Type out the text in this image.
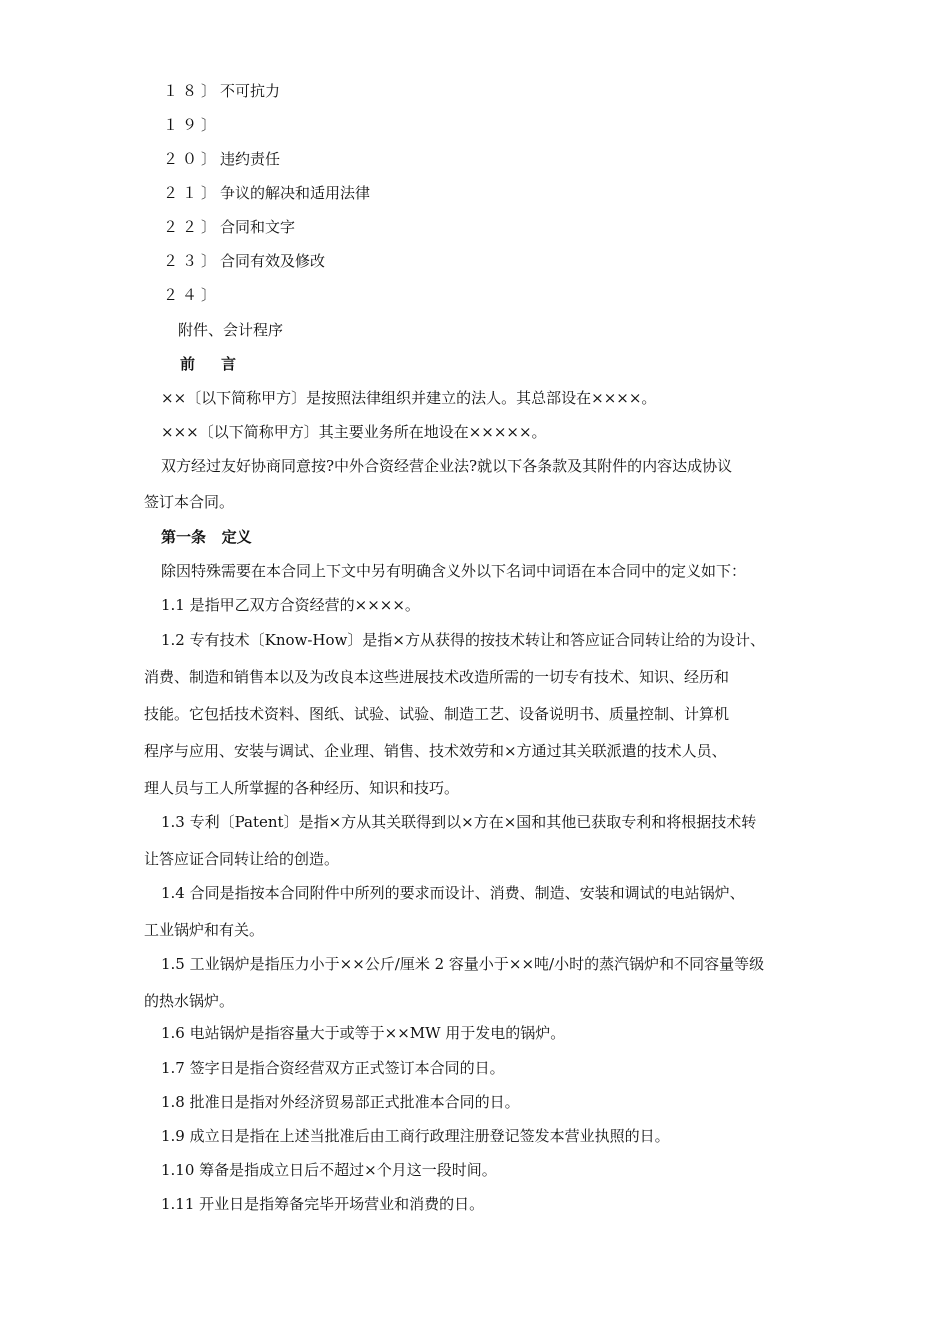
１８〕不可抗力
１９〕
２０〕违约责任
２１〕争议的解决和适用法律
２２〕合同和文字
２３〕合同有效及修改
２４〕
附件、会计程序
前言
××〔以下简称甲方〕是按照法律组织并建立的法人。其总部设在××××。
×××〔以下简称甲方〕其主要业务所在地设在×××××。
双方经过友好协商同意按?中外合资经营企业法?就以下各条款及其附件的内容达成协议
签订本合同。
第一条   定义
除因特殊需要在本合同上下文中另有明确含义外以下名词中词语在本合同中的定义如下：
1.1 是指甲乙双方合资经营的××××。
1.2 专有技术〔Know-How〕是指×方从获得的按技术转让和答应证合同转让给的为设计、
消费、制造和销售本以及为改良本这些进展技术改造所需的一切专有技术、知识、经历和
技能。它包括技术资料、图纸、试验、试验、制造工艺、设备说明书、质量控制、计算机
程序与应用、安装与调试、企业理、销售、技术效劳和×方通过其关联派遣的技术人员、
理人员与工人所掌握的各种经历、知识和技巧。
1.3 专利〔Patent〕是指×方从其关联得到以×方在×国和其他已获取专利和将根据技术转
让答应证合同转让给的创造。
1.4 合同是指按本合同附件中所列的要求而设计、消费、制造、安装和调试的电站锅炉、
工业锅炉和有关。
1.5 工业锅炉是指压力小于××公斤/厘米 2 容量小于××吨/小时的蒸汽锅炉和不同容量等级
的热水锅炉。
1.6 电站锅炉是指容量大于或等于××MW 用于发电的锅炉。
1.7 签字日是指合资经营双方正式签订本合同的日。
1.8 批准日是指对外经济贸易部正式批准本合同的日。
1.9 成立日是指在上述当批准后由工商行政理注册登记签发本营业执照的日。
1.10 筹备是指成立日后不超过×个月这一段时间。
1.11 开业日是指筹备完毕开场营业和消费的日。
